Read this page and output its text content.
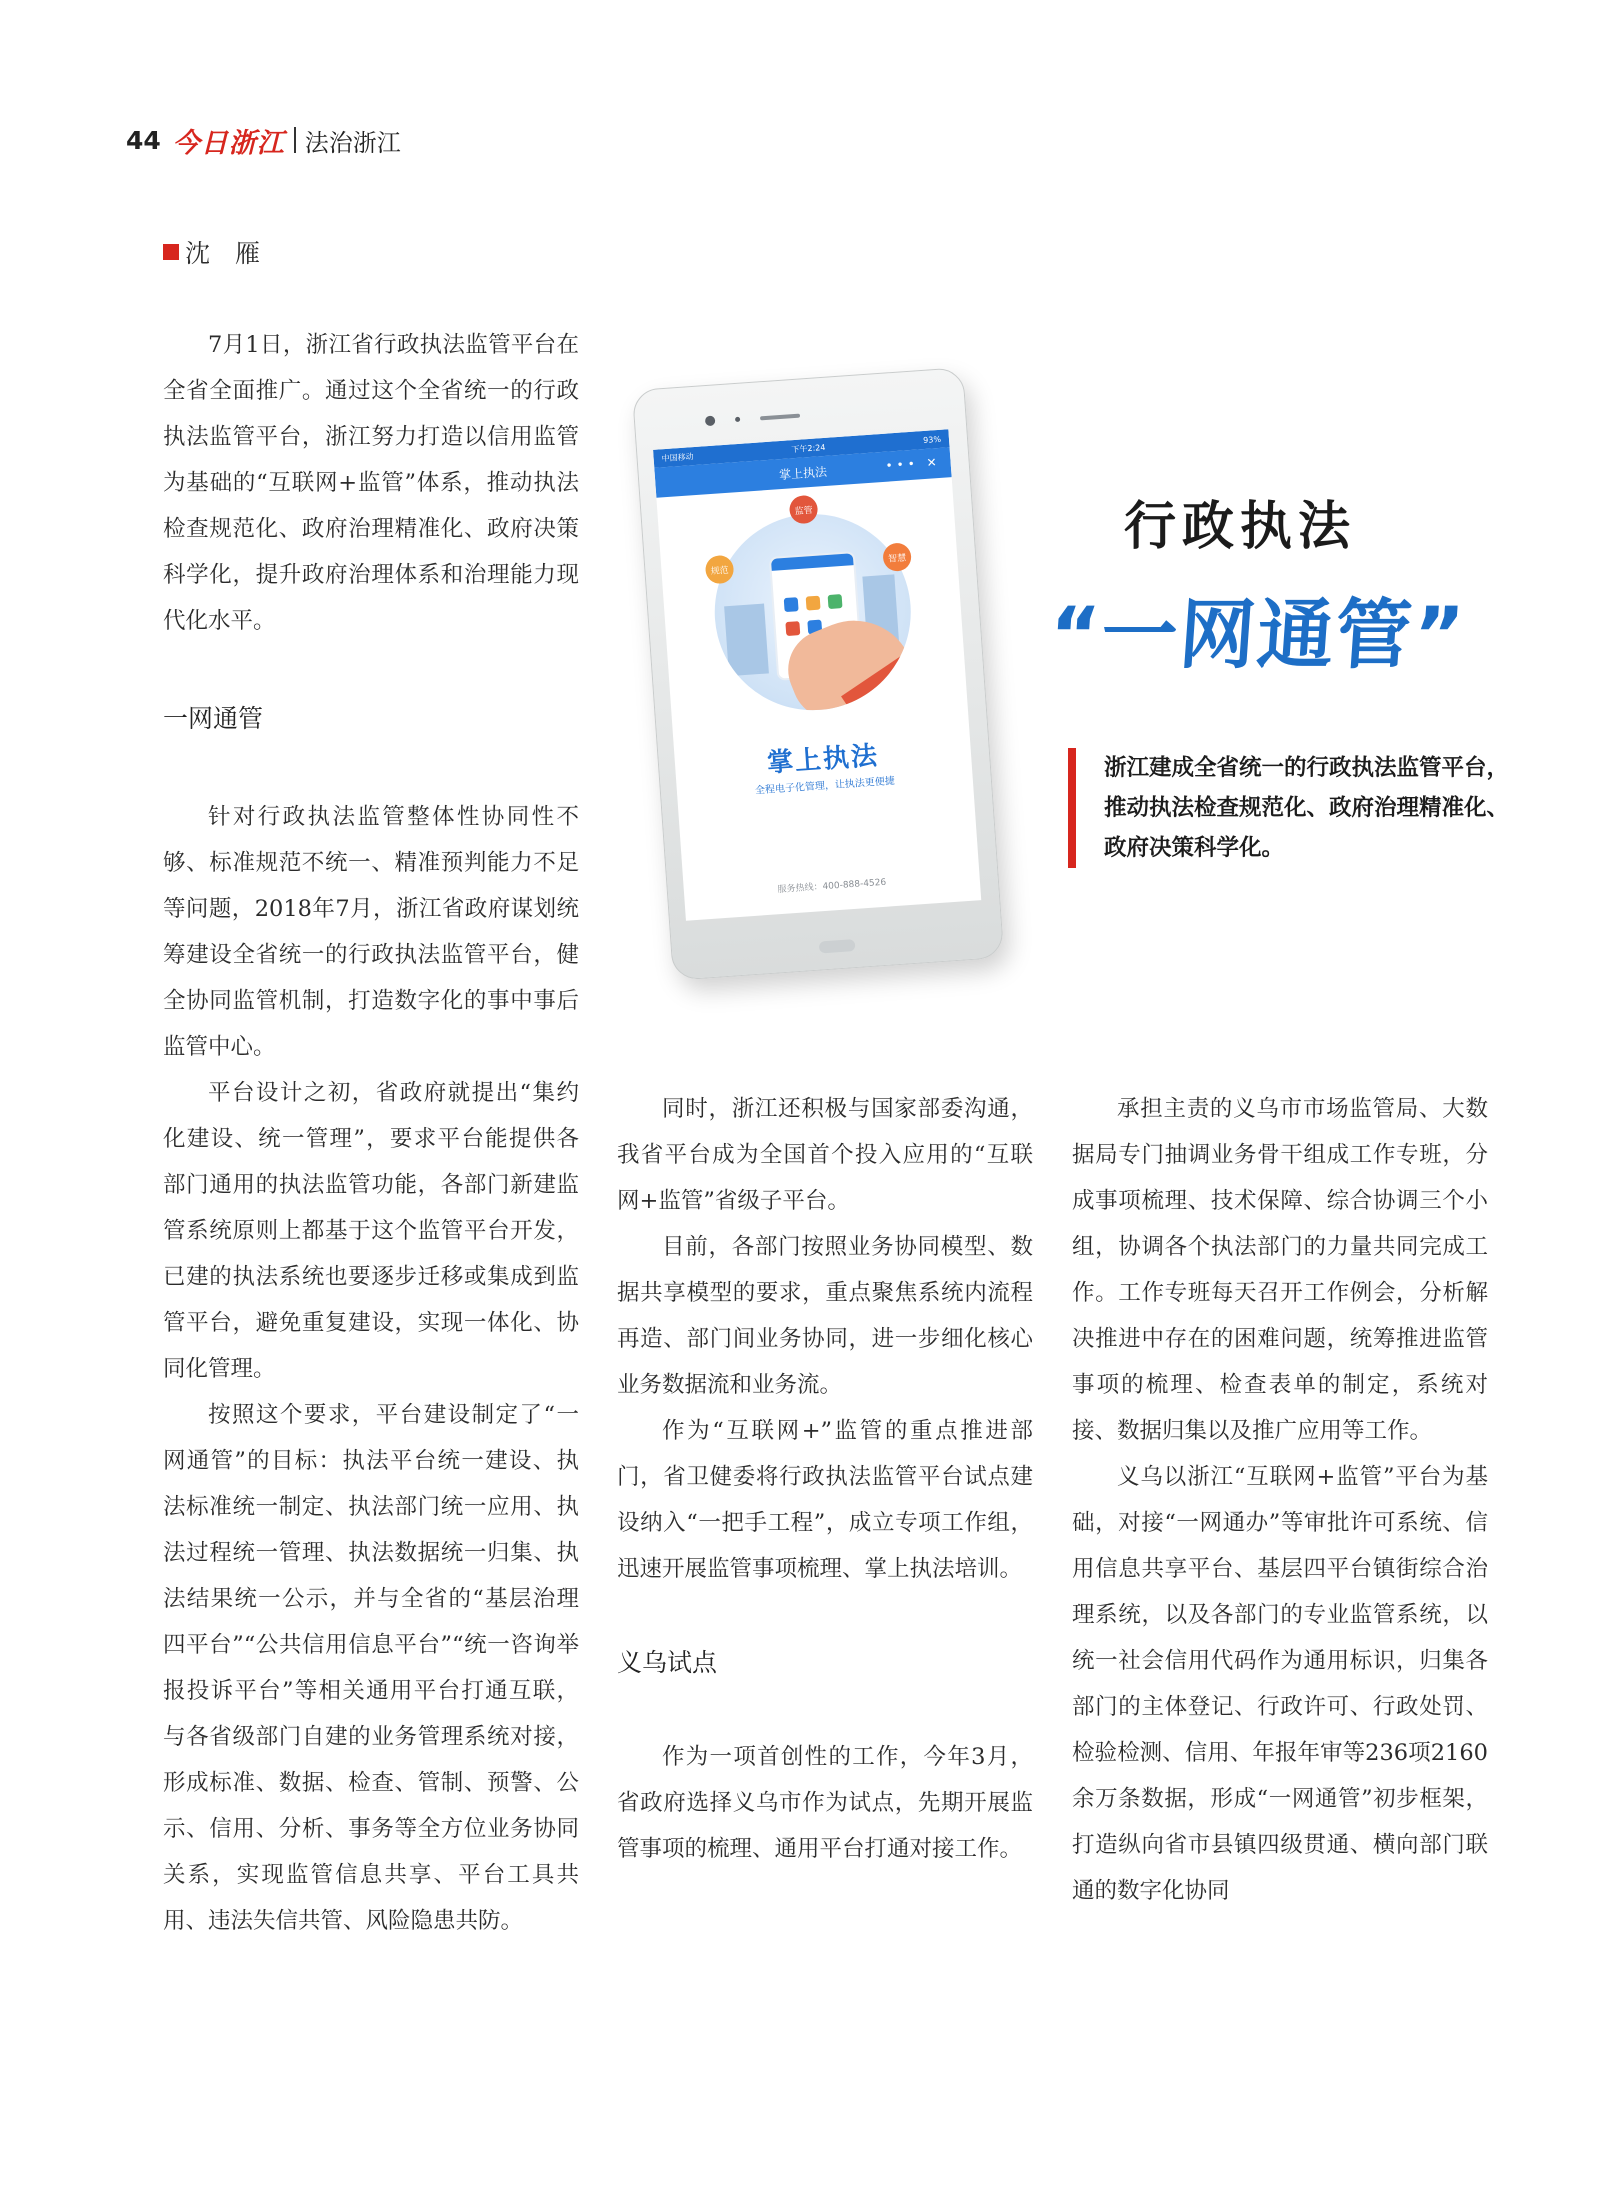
44 今日浙江 法治浙江
沈　雁

7月1日，浙江省行政执法监管平台在全省全面推广。通过这个全省统一的行政执法监管平台，浙江努力打造以信用监管为基础的“互联网+监管”体系，推动执法检查规范化、政府治理精准化、政府决策科学化，提升政府治理体系和治理能力现代化水平。

一网通管

针对行政执法监管整体性协同性不够、标准规范不统一、精准预判能力不足等问题，2018年7月，浙江省政府谋划统筹建设全省统一的行政执法监管平台，健全协同监管机制，打造数字化的事中事后监管中心。

平台设计之初，省政府就提出“集约化建设、统一管理”，要求平台能提供各部门通用的执法监管功能，各部门新建监管系统原则上都基于这个监管平台开发，已建的执法系统也要逐步迁移或集成到监管平台，避免重复建设，实现一体化、协同化管理。

按照这个要求，平台建设制定了“一网通管”的目标：执法平台统一建设、执法标准统一制定、执法部门统一应用、执法过程统一管理、执法数据统一归集、执法结果统一公示，并与全省的“基层治理四平台”“公共信用信息平台”“统一咨询举报投诉平台”等相关通用平台打通互联，与各省级部门自建的业务管理系统对接，形成标准、数据、检查、管制、预警、公示、信用、分析、事务等全方位业务协同关系，实现监管信息共享、平台工具共用、违法失信共管、风险隐患共防。

中国移动
下午2:24
93%
掌上执法
••• ✕
监管
规范
智慧
掌上执法
全程电子化管理，让执法更便捷
服务热线：400-888-4526
行政执法
“一网通管”
浙江建成全省统一的行政执法监管平台，推动执法检查规范化、政府治理精准化、政府决策科学化。

同时，浙江还积极与国家部委沟通，我省平台成为全国首个投入应用的“互联网+监管”省级子平台。

目前，各部门按照业务协同模型、数据共享模型的要求，重点聚焦系统内流程再造、部门间业务协同，进一步细化核心业务数据流和业务流。

作为“互联网+”监管的重点推进部门，省卫健委将行政执法监管平台试点建设纳入“一把手工程”，成立专项工作组，迅速开展监管事项梳理、掌上执法培训。

义乌试点

作为一项首创性的工作，今年3月，省政府选择义乌市作为试点，先期开展监管事项的梳理、通用平台打通对接工作。

承担主责的义乌市市场监管局、大数据局专门抽调业务骨干组成工作专班，分成事项梳理、技术保障、综合协调三个小组，协调各个执法部门的力量共同完成工作。工作专班每天召开工作例会，分析解决推进中存在的困难问题，统筹推进监管事项的梳理、检查表单的制定，系统对接、数据归集以及推广应用等工作。

义乌以浙江“互联网+监管”平台为基础，对接“一网通办”等审批许可系统、信用信息共享平台、基层四平台镇街综合治理系统，以及各部门的专业监管系统，以统一社会信用代码作为通用标识，归集各部门的主体登记、行政许可、行政处罚、检验检测、信用、年报年审等236项2160余万条数据，形成“一网通管”初步框架，打造纵向省市县镇四级贯通、横向部门联通的数字化协同
